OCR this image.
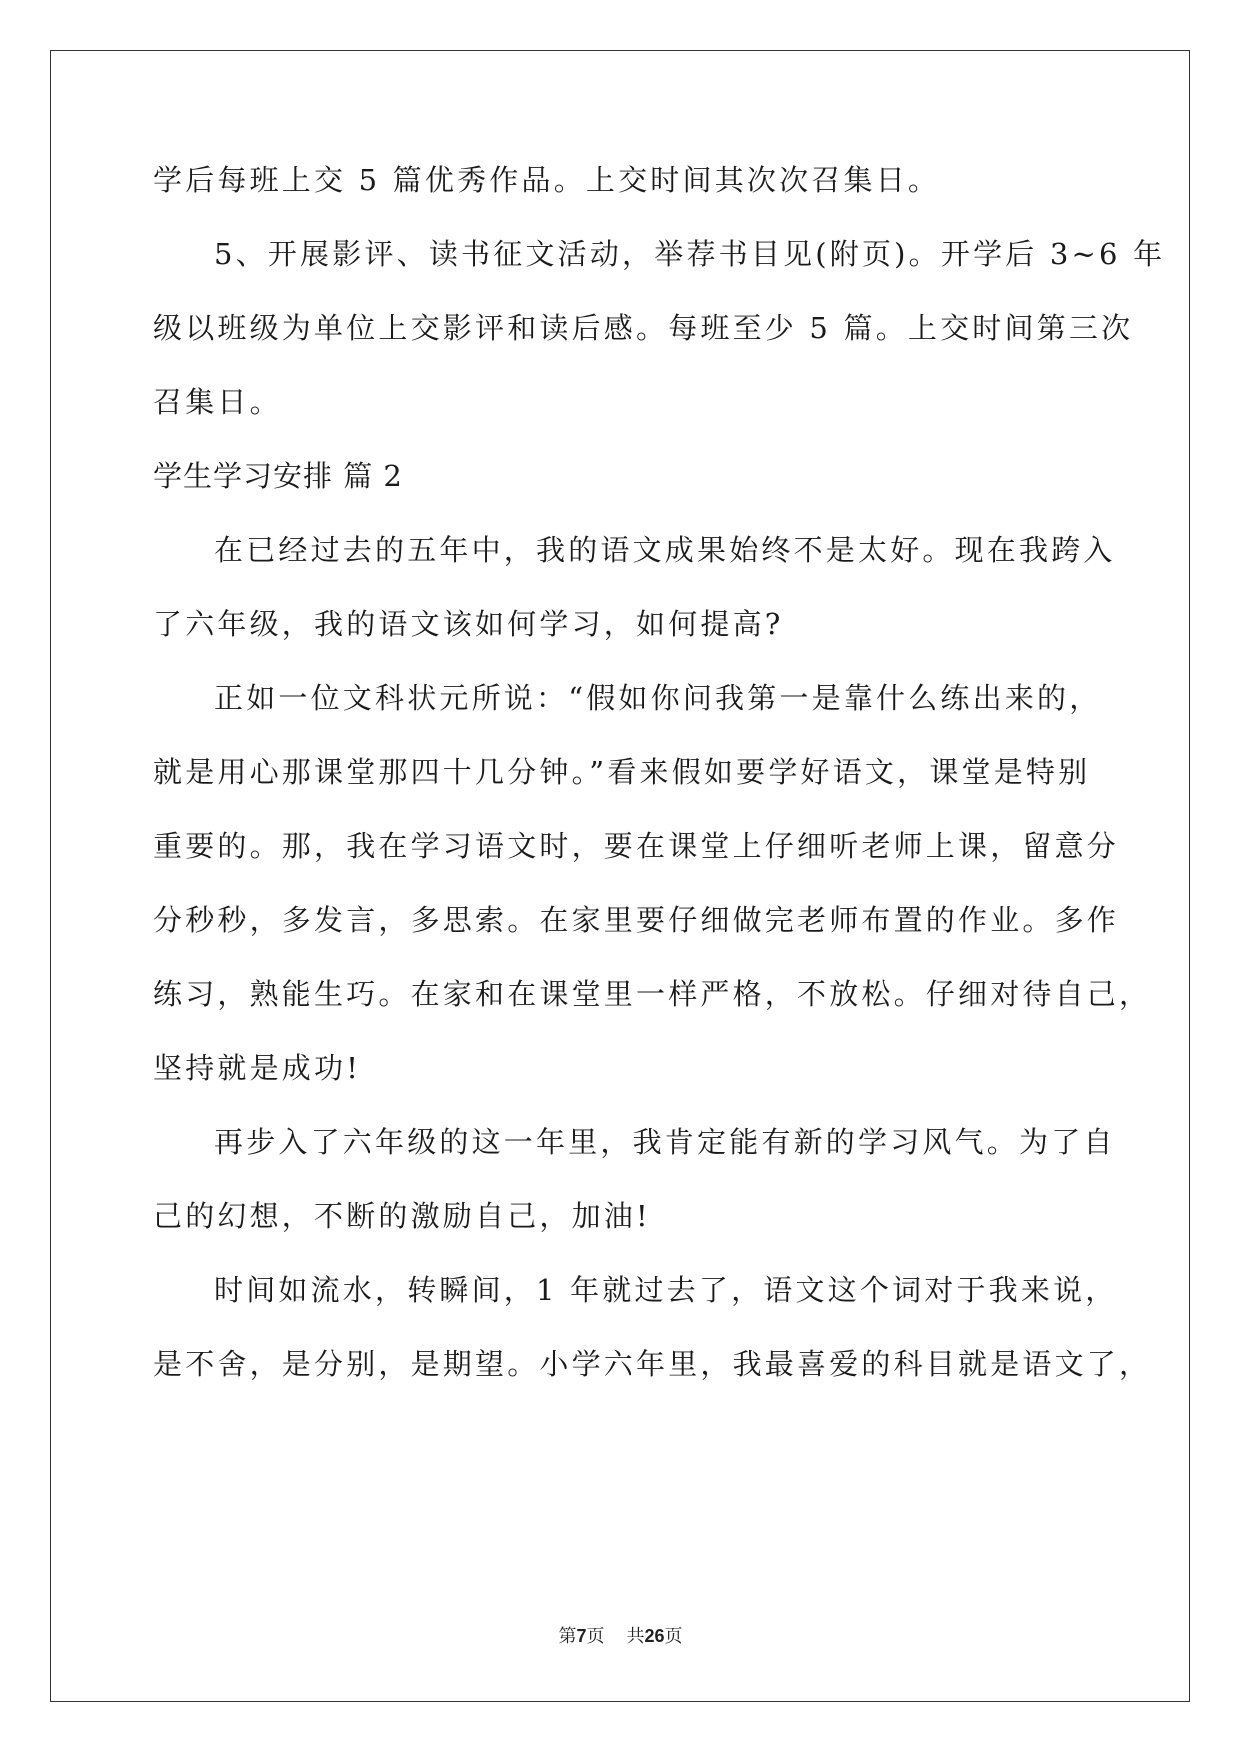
学后每班上交 5 篇优秀作品。上交时间其次次召集日。
5、开展影评、读书征文活动，举荐书目见(附页)。开学后 3~6 年
级以班级为单位上交影评和读后感。每班至少 5 篇。上交时间第三次
召集日。
学生学习安排 篇 2
在已经过去的五年中，我的语文成果始终不是太好。现在我跨入
了六年级，我的语文该如何学习，如何提高?
正如一位文科状元所说：“假如你问我第一是靠什么练出来的，
就是用心那课堂那四十几分钟。”看来假如要学好语文，课堂是特别
重要的。那，我在学习语文时，要在课堂上仔细听老师上课，留意分
分秒秒，多发言，多思索。在家里要仔细做完老师布置的作业。多作
练习，熟能生巧。在家和在课堂里一样严格，不放松。仔细对待自己，
坚持就是成功!
再步入了六年级的这一年里，我肯定能有新的学习风气。为了自
己的幻想，不断的激励自己，加油!
时间如流水，转瞬间，1 年就过去了，语文这个词对于我来说，
是不舍，是分别，是期望。小学六年里，我最喜爱的科目就是语文了，
第7页 共26页
